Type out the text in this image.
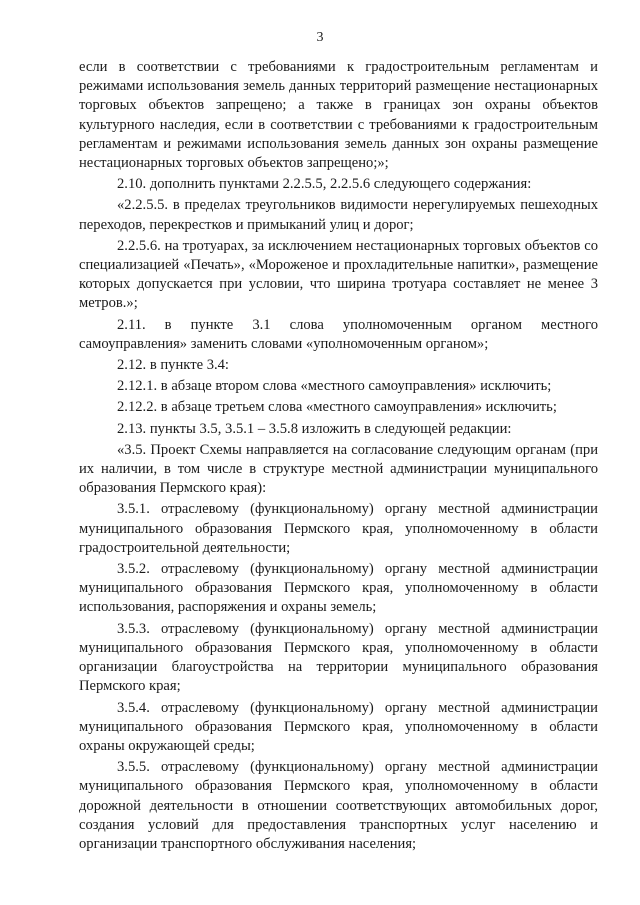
3

если в соответствии с требованиями к градостроительным регламентам и режимами использования земель данных территорий размещение нестационарных торговых объектов запрещено; а также в границах зон охраны объектов культурного наследия, если в соответствии с требованиями к градостроительным регламентам и режимами использования земель данных зон охраны размещение нестационарных торговых объектов запрещено;»;

2.10. дополнить пунктами 2.2.5.5, 2.2.5.6 следующего содержания:

«2.2.5.5. в пределах треугольников видимости нерегулируемых пешеходных переходов, перекрестков и примыканий улиц и дорог;

2.2.5.6. на тротуарах, за исключением нестационарных торговых объектов со специализацией «Печать», «Мороженое и прохладительные напитки», размещение которых допускается при условии, что ширина тротуара составляет не менее 3 метров.»;

2.11. в пункте 3.1 слова уполномоченным органом местного самоуправления» заменить словами «уполномоченным органом»;

2.12. в пункте 3.4:

2.12.1. в абзаце втором слова «местного самоуправления» исключить;

2.12.2. в абзаце третьем слова «местного самоуправления» исключить;

2.13. пункты 3.5, 3.5.1 – 3.5.8 изложить в следующей редакции:

«3.5. Проект Схемы направляется на согласование следующим органам (при их наличии, в том числе в структуре местной администрации муниципального образования Пермского края):

3.5.1. отраслевому (функциональному) органу местной администрации муниципального образования Пермского края, уполномоченному в области градостроительной деятельности;

3.5.2. отраслевому (функциональному) органу местной администрации муниципального образования Пермского края, уполномоченному в области использования, распоряжения и охраны земель;

3.5.3. отраслевому (функциональному) органу местной администрации муниципального образования Пермского края, уполномоченному в области организации благоустройства на территории муниципального образования Пермского края;

3.5.4. отраслевому (функциональному) органу местной администрации муниципального образования Пермского края, уполномоченному в области охраны окружающей среды;

3.5.5. отраслевому (функциональному) органу местной администрации муниципального образования Пермского края, уполномоченному в области дорожной деятельности в отношении соответствующих автомобильных дорог, создания условий для предоставления транспортных услуг населению и организации транспортного обслуживания населения;
